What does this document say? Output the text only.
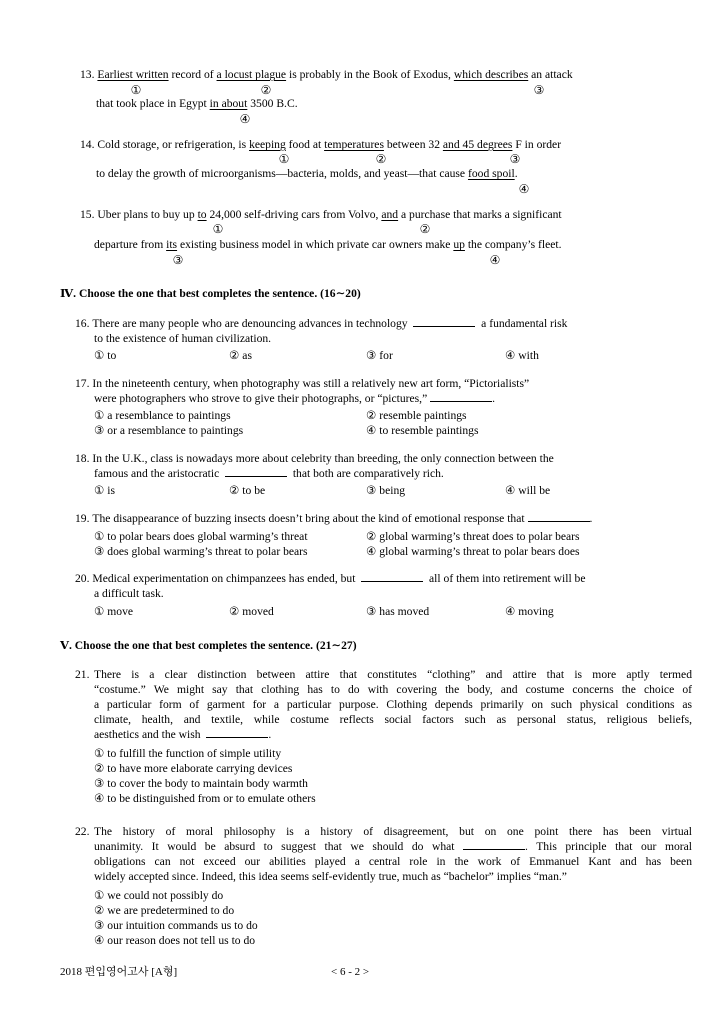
13. Earliest written record of a locust plague is probably in the Book of Exodus, which describes an attack
①	②	③
that took place in Egypt in about 3500 B.C.
④
14. Cold storage, or refrigeration, is keeping food at temperatures between 32 and 45 degrees F in order
①	②	③
to delay the growth of microorganisms—bacteria, molds, and yeast—that cause food spoil.
④
15. Uber plans to buy up to 24,000 self-driving cars from Volvo, and a purchase that marks a significant
①	②
departure from its existing business model in which private car owners make up the company’s fleet.
③	④
Ⅳ. Choose the one that best completes the sentence. (16∼20)
16. There are many people who are denouncing advances in technology	a fundamental risk
to the existence of human civilization.
① to	② as	③ for	④ with
17. In the nineteenth century, when photography was still a relatively new art form, “Pictorialists”
were photographers who strove to give their photographs, or “pictures,”	.
① a resemblance to paintings	② resemble paintings
③ or a resemblance to paintings	④ to resemble paintings
18. In the U.K., class is nowadays more about celebrity than breeding, the only connection between the
famous and the aristocratic	that both are comparatively rich.
① is	② to be	③ being	④ will be
19. The disappearance of buzzing insects doesn’t bring about the kind of emotional response that	.
① to polar bears does global warming’s threat	② global warming’s threat does to polar bears
③ does global warming’s threat to polar bears	④ global warming’s threat to polar bears does
20. Medical experimentation on chimpanzees has ended, but	all of them into retirement will be
a difficult task.
① move	② moved	③ has moved	④ moving
Ⅴ. Choose the one that best completes the sentence. (21∼27)
21. There is a clear distinction between attire that constitutes “clothing” and attire that is more aptly termed
“costume.” We might say that clothing has to do with covering the body, and costume concerns the choice of
a particular form of garment for a particular purpose. Clothing depends primarily on such physical conditions as
climate, health, and textile, while costume reflects social factors such as personal status, religious beliefs,
aesthetics and the wish	.
① to fulfill the function of simple utility
② to have more elaborate carrying devices
③ to cover the body to maintain body warmth
④ to be distinguished from or to emulate others
22. The history of moral philosophy is a history of disagreement, but on one point there has been virtual
unanimity. It would be absurd to suggest that we should do what	. This principle that our moral
obligations can not exceed our abilities played a central role in the work of Emmanuel Kant and has been
widely accepted since. Indeed, this idea seems self-evidently true, much as “bachelor” implies “man.”
① we could not possibly do
② we are predetermined to do
③ our intuition commands us to do
④ our reason does not tell us to do
2018 편입영어고사 [A형]	< 6 - 2 >
